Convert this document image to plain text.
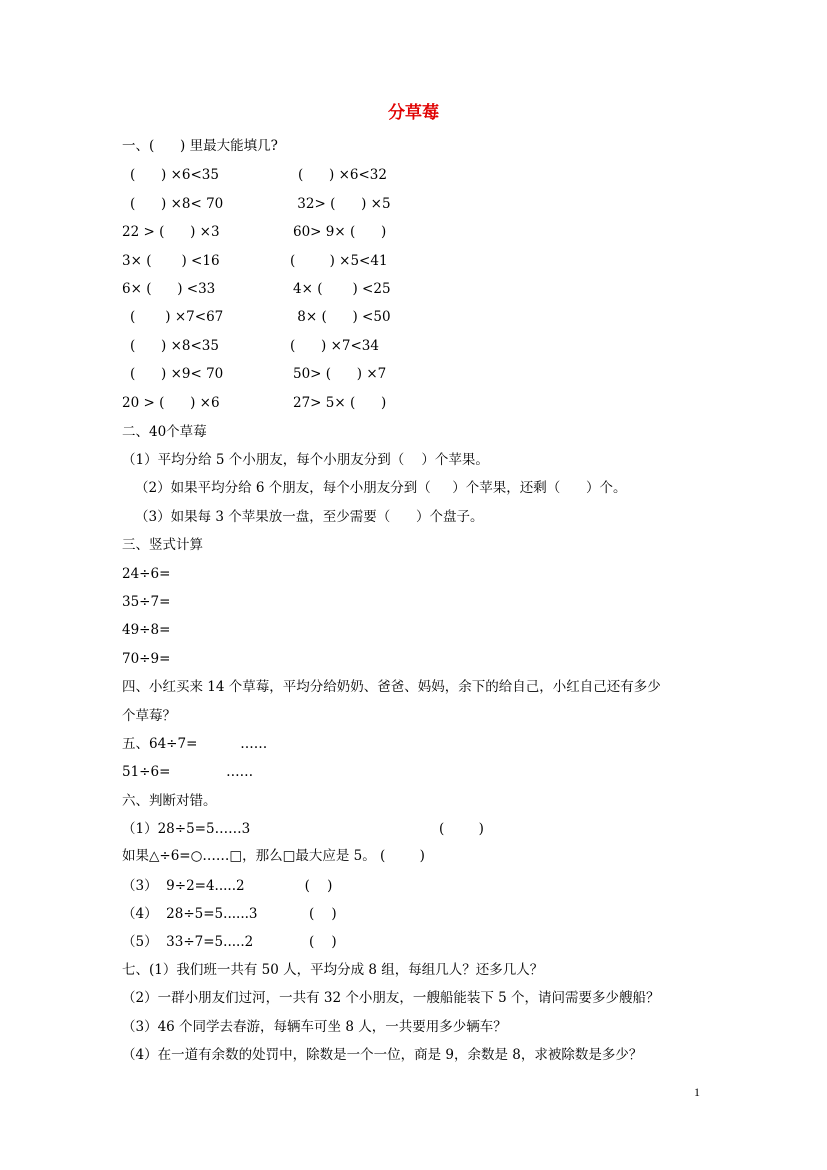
分草莓
一、(      ) 里最大能填几?
(      ) ×6<35	(      ) ×6<32
(      ) ×8< 70	32> (      ) ×5
22 > (      ) ×3	60> 9× (      )
3× (       ) <16	(        ) ×5<41
6× (      ) <33	4× (       ) <25
(       ) ×7<67	8× (      ) <50
(      ) ×8<35	(      ) ×7<34
(      ) ×9< 70	50> (      ) ×7
20 > (      ) ×6	27> 5× (      )
二、40个草莓
（1）平均分给 5 个小朋友，每个小朋友分到（    ）个苹果。
（2）如果平均分给 6 个朋友，每个小朋友分到（     ）个苹果，还剩（      ）个。
（3）如果每 3 个苹果放一盘，至少需要（      ）个盘子。
三、竖式计算
24÷6=
35÷7=
49÷8=
70÷9=
四、小红买来 14 个草莓，平均分给奶奶、爸爸、妈妈，余下的给自己，小红自己还有多少
个草莓？
五、64÷7=          ……
51÷6=             ……
六、判断对错。
（1）28÷5=5……3                                            (        )
如果△÷6=○……□，那么□最大应是 5。 (        )
（3）  9÷2=4.....2              (    )
（4）  28÷5=5......3            (    )
（5）  33÷7=5.....2             (    )
七、(1）我们班一共有 50 人，平均分成 8 组，每组几人？还多几人？
（2）一群小朋友们过河，一共有 32 个小朋友，一艘船能装下 5 个，请问需要多少艘船？
（3）46 个同学去春游，每辆车可坐 8 人，一共要用多少辆车？
（4）在一道有余数的处罚中，除数是一个一位，商是 9，余数是 8，求被除数是多少？
1
